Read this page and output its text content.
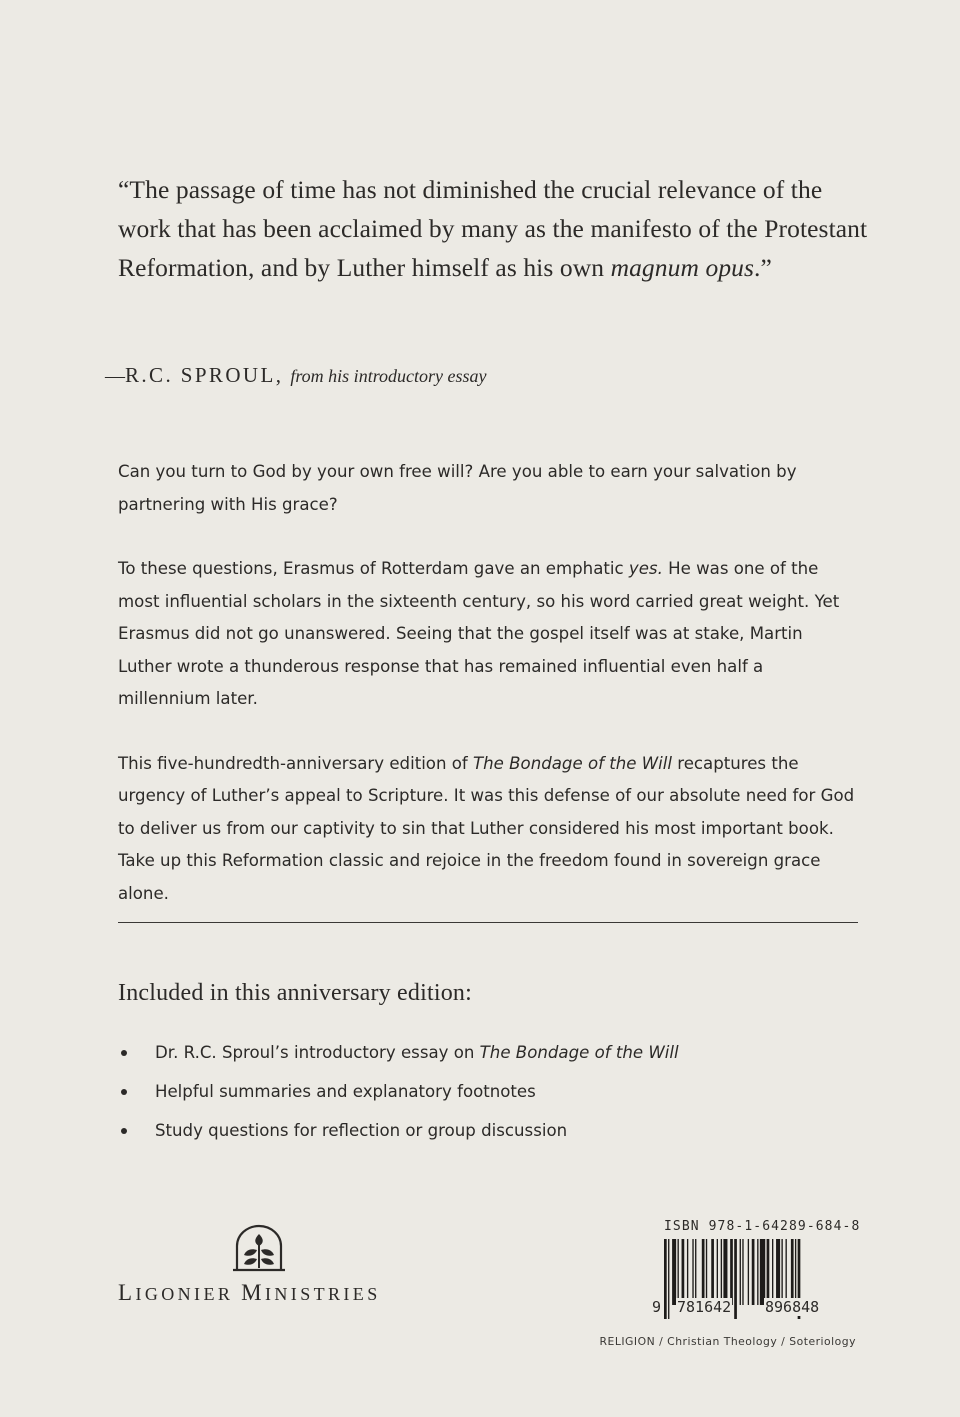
“The passage of time has not diminished the crucial relevance of the work that has been acclaimed by many as the manifesto of the Protestant Reformation, and by Luther himself as his own magnum opus.”

—R.C. SPROUL, from his introductory essay

Can you turn to God by your own free will? Are you able to earn your salvation by partnering with His grace?

To these questions, Erasmus of Rotterdam gave an emphatic yes. He was one of the most influential scholars in the sixteenth century, so his word carried great weight. Yet Erasmus did not go unanswered. Seeing that the gospel itself was at stake, Martin Luther wrote a thunderous response that has remained influential even half a millennium later.

This five-hundredth-anniversary edition of The Bondage of the Will recaptures the urgency of Luther’s appeal to Scripture. It was this defense of our absolute need for God to deliver us from our captivity to sin that Luther considered his most important book. Take up this Reformation classic and rejoice in the freedom found in sovereign grace alone.

Included in this anniversary edition:
Dr. R.C. Sproul’s introductory essay on The Bondage of the Will
Helpful summaries and explanatory footnotes
Study questions for reflection or group discussion
LIGONIER MINISTRIES
ISBN 978-1-64289-684-8
9 781642 896848
RELIGION / Christian Theology / Soteriology
